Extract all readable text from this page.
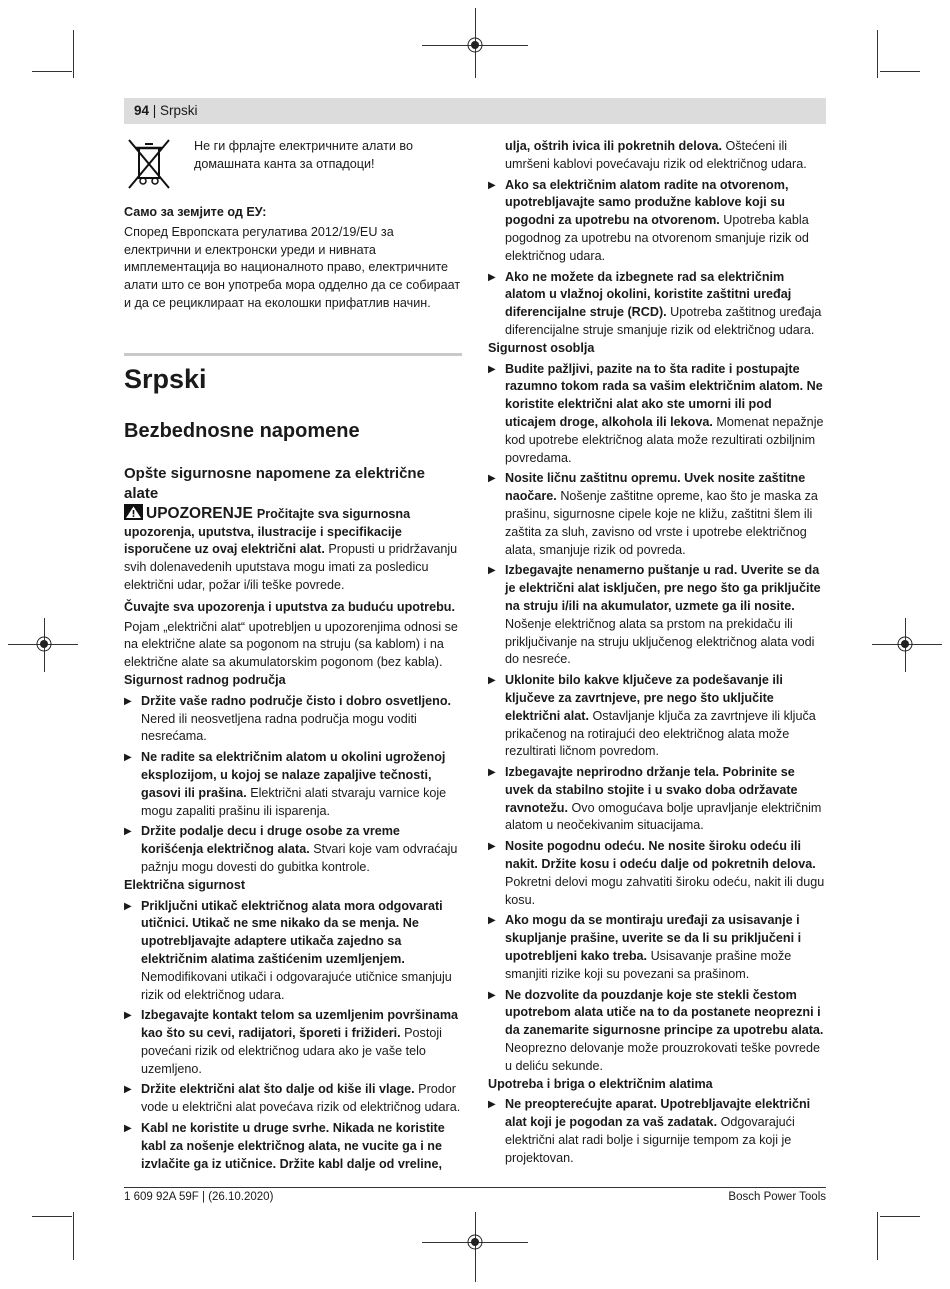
94 | Srpski

Не ги фрлајте електричните алати во домашната канта за отпадоци!

Само за земјите од ЕУ:

Според Европската регулатива 2012/19/EU за електрични и електронски уреди и нивната имплементација во националното право, електричните алати што се вон употреба мора одделно да се собираат и да се рециклираат на еколошки прифатлив начин.

Srpski
Bezbednosne napomene
Opšte sigurnosne napomene za električne alate

UPOZORENJE Pročitajte sva sigurnosna upozorenja, uputstva, ilustracije i specifikacije isporučene uz ovaj električni alat. Propusti u pridržavanju svih dolenavedenih uputstava mogu imati za posledicu električni udar, požar i/ili teške povrede.

Čuvajte sva upozorenja i uputstva za buduću upotrebu.

Pojam „električni alat“ upotrebljen u upozorenjima odnosi se na električne alate sa pogonom na struju (sa kablom) i na električne alate sa akumulatorskim pogonom (bez kabla).

Sigurnost radnog područja

▶ Držite vaše radno područje čisto i dobro osvetljeno. Nered ili neosvetljena radna područja mogu voditi nesrećama.
▶ Ne radite sa električnim alatom u okolini ugroženoj eksplozijom, u kojoj se nalaze zapaljive tečnosti, gasovi ili prašina. Električni alati stvaraju varnice koje mogu zapaliti prašinu ili isparenja.
▶ Držite podalje decu i druge osobe za vreme korišćenja električnog alata. Stvari koje vam odvraćaju pažnju mogu dovesti do gubitka kontrole.

Električna sigurnost

▶ Priključni utikač električnog alata mora odgovarati utičnici. Utikač ne sme nikako da se menja. Ne upotrebljavajte adaptere utikača zajedno sa električnim alatima zaštićenim uzemljenjem. Nemodifikovani utikači i odgovarajuće utičnice smanjuju rizik od električnog udara.
▶ Izbegavajte kontakt telom sa uzemljenim površinama kao što su cevi, radijatori, šporeti i frižideri. Postoji povećani rizik od električnog udara ako je vaše telo uzemljeno.
▶ Držite električni alat što dalje od kiše ili vlage. Prodor vode u električni alat povećava rizik od električnog udara.
▶ Kabl ne koristite u druge svrhe. Nikada ne koristite kabl za nošenje električnog alata, ne vucite ga i ne izvlačite ga iz utičnice. Držite kabl dalje od vreline,
ulja, oštrih ivica ili pokretnih delova. Oštećeni ili umršeni kablovi povećavaju rizik od električnog udara.
▶ Ako sa električnim alatom radite na otvorenom, upotrebljavajte samo produžne kablove koji su pogodni za upotrebu na otvorenom. Upotreba kabla pogodnog za upotrebu na otvorenom smanjuje rizik od električnog udara.
▶ Ako ne možete da izbegnete rad sa električnim alatom u vlažnoj okolini, koristite zaštitni uređaj diferencijalne struje (RCD). Upotreba zaštitnog uređaja diferencijalne struje smanjuje rizik od električnog udara.

Sigurnost osoblja

▶ Budite pažljivi, pazite na to šta radite i postupajte razumno tokom rada sa vašim električnim alatom. Ne koristite električni alat ako ste umorni ili pod uticajem droge, alkohola ili lekova. Momenat nepažnje kod upotrebe električnog alata može rezultirati ozbiljnim povredama.
▶ Nosite ličnu zaštitnu opremu. Uvek nosite zaštitne naočare. Nošenje zaštitne opreme, kao što je maska za prašinu, sigurnosne cipele koje ne kližu, zaštitni šlem ili zaštita za sluh, zavisno od vrste i upotrebe električnog alata, smanjuje rizik od povreda.
▶ Izbegavajte nenamerno puštanje u rad. Uverite se da je električni alat isključen, pre nego što ga priključite na struju i/ili na akumulator, uzmete ga ili nosite. Nošenje električnog alata sa prstom na prekidaču ili priključivanje na struju uključenog električnog alata vodi do nesreće.
▶ Uklonite bilo kakve ključeve za podešavanje ili ključeve za zavrtnjeve, pre nego što uključite električni alat. Ostavljanje ključa za zavrtnjeve ili ključa prikačenog na rotirajući deo električnog alata može rezultirati ličnom povredom.
▶ Izbegavajte neprirodno držanje tela. Pobrinite se uvek da stabilno stojite i u svako doba održavate ravnotežu. Ovo omogućava bolje upravljanje električnim alatom u neočekivanim situacijama.
▶ Nosite pogodnu odeću. Ne nosite široku odeću ili nakit. Držite kosu i odeću dalje od pokretnih delova. Pokretni delovi mogu zahvatiti široku odeću, nakit ili dugu kosu.
▶ Ako mogu da se montiraju uređaji za usisavanje i skupljanje prašine, uverite se da li su priključeni i upotrebljeni kako treba. Usisavanje prašine može smanjiti rizike koji su povezani sa prašinom.
▶ Ne dozvolite da pouzdanje koje ste stekli čestom upotrebom alata utiče na to da postanete neoprezni i da zanemarite sigurnosne principe za upotrebu alata. Neoprezno delovanje može prouzrokovati teške povrede u deliću sekunde.

Upotreba i briga o električnim alatima

▶ Ne preopterećujte aparat. Upotrebljavajte električni alat koji je pogodan za vaš zadatak. Odgovarajući električni alat radi bolje i sigurnije tempom za koji je projektovan.
1 609 92A 59F | (26.10.2020)	Bosch Power Tools
